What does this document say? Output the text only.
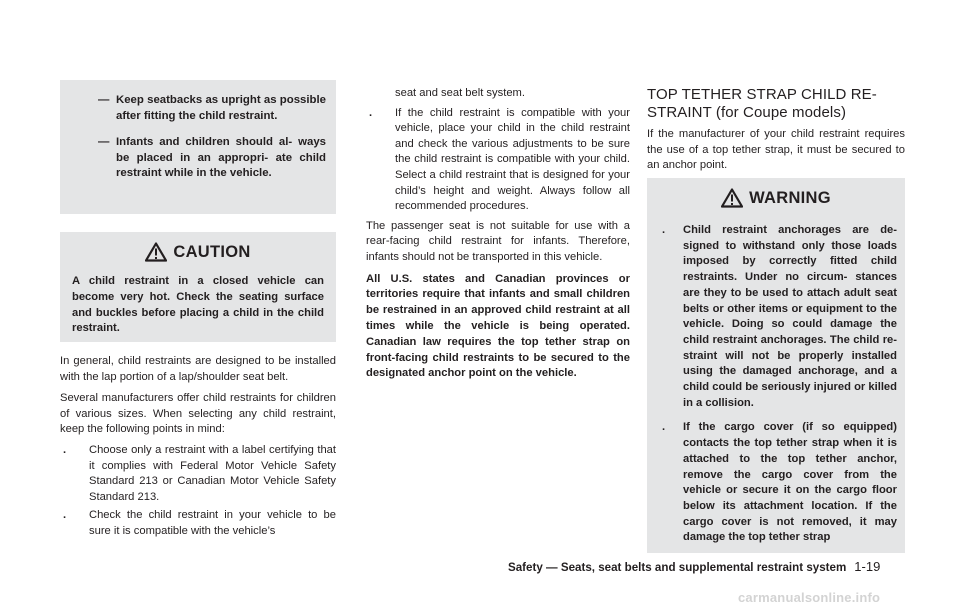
— Keep seatbacks as upright as possible after fitting the child restraint.

— Infants and children should al- ways be placed in an appropri- ate child restraint while in the vehicle.

CAUTION

A child restraint in a closed vehicle can become very hot. Check the seating surface and buckles before placing a child in the child restraint.

In general, child restraints are designed to be installed with the lap portion of a lap/shoulder seat belt.

Several manufacturers offer child restraints for children of various sizes. When selecting any child restraint, keep the following points in mind:

. Choose only a restraint with a label certifying that it complies with Federal Motor Vehicle Safety Standard 213 or Canadian Motor Vehicle Safety Standard 213.

. Check the child restraint in your vehicle to be sure it is compatible with the vehicle’s

seat and seat belt system.

. If the child restraint is compatible with your vehicle, place your child in the child restraint and check the various adjustments to be sure the child restraint is compatible with your child. Select a child restraint that is designed for your child’s height and weight. Always follow all recommended procedures.

The passenger seat is not suitable for use with a rear-facing child restraint for infants. Therefore, infants should not be transported in this vehicle.

All U.S. states and Canadian provinces or territories require that infants and small children be restrained in an approved child restraint at all times while the vehicle is being operated. Canadian law requires the top tether strap on front-facing child restraints to be secured to the designated anchor point on the vehicle.

TOP TETHER STRAP CHILD RE-

STRAINT (for Coupe models)

If the manufacturer of your child restraint requires the use of a top tether strap, it must be secured to an anchor point.

WARNING

. Child restraint anchorages are de- signed to withstand only those loads imposed by correctly fitted child restraints. Under no circum- stances are they to be used to attach adult seat belts or other items or equipment to the vehicle. Doing so could damage the child restraint anchorages. The child re- straint will not be properly installed using the damaged anchorage, and a child could be seriously injured or killed in a collision.

. If the cargo cover (if so equipped) contacts the top tether strap when it is attached to the top tether anchor, remove the cargo cover from the vehicle or secure it on the cargo floor below its attachment location. If the cargo cover is not removed, it may damage the top tether strap

Safety — Seats, seat belts and supplemental restraint system 1-19
carmanualsonline.info
